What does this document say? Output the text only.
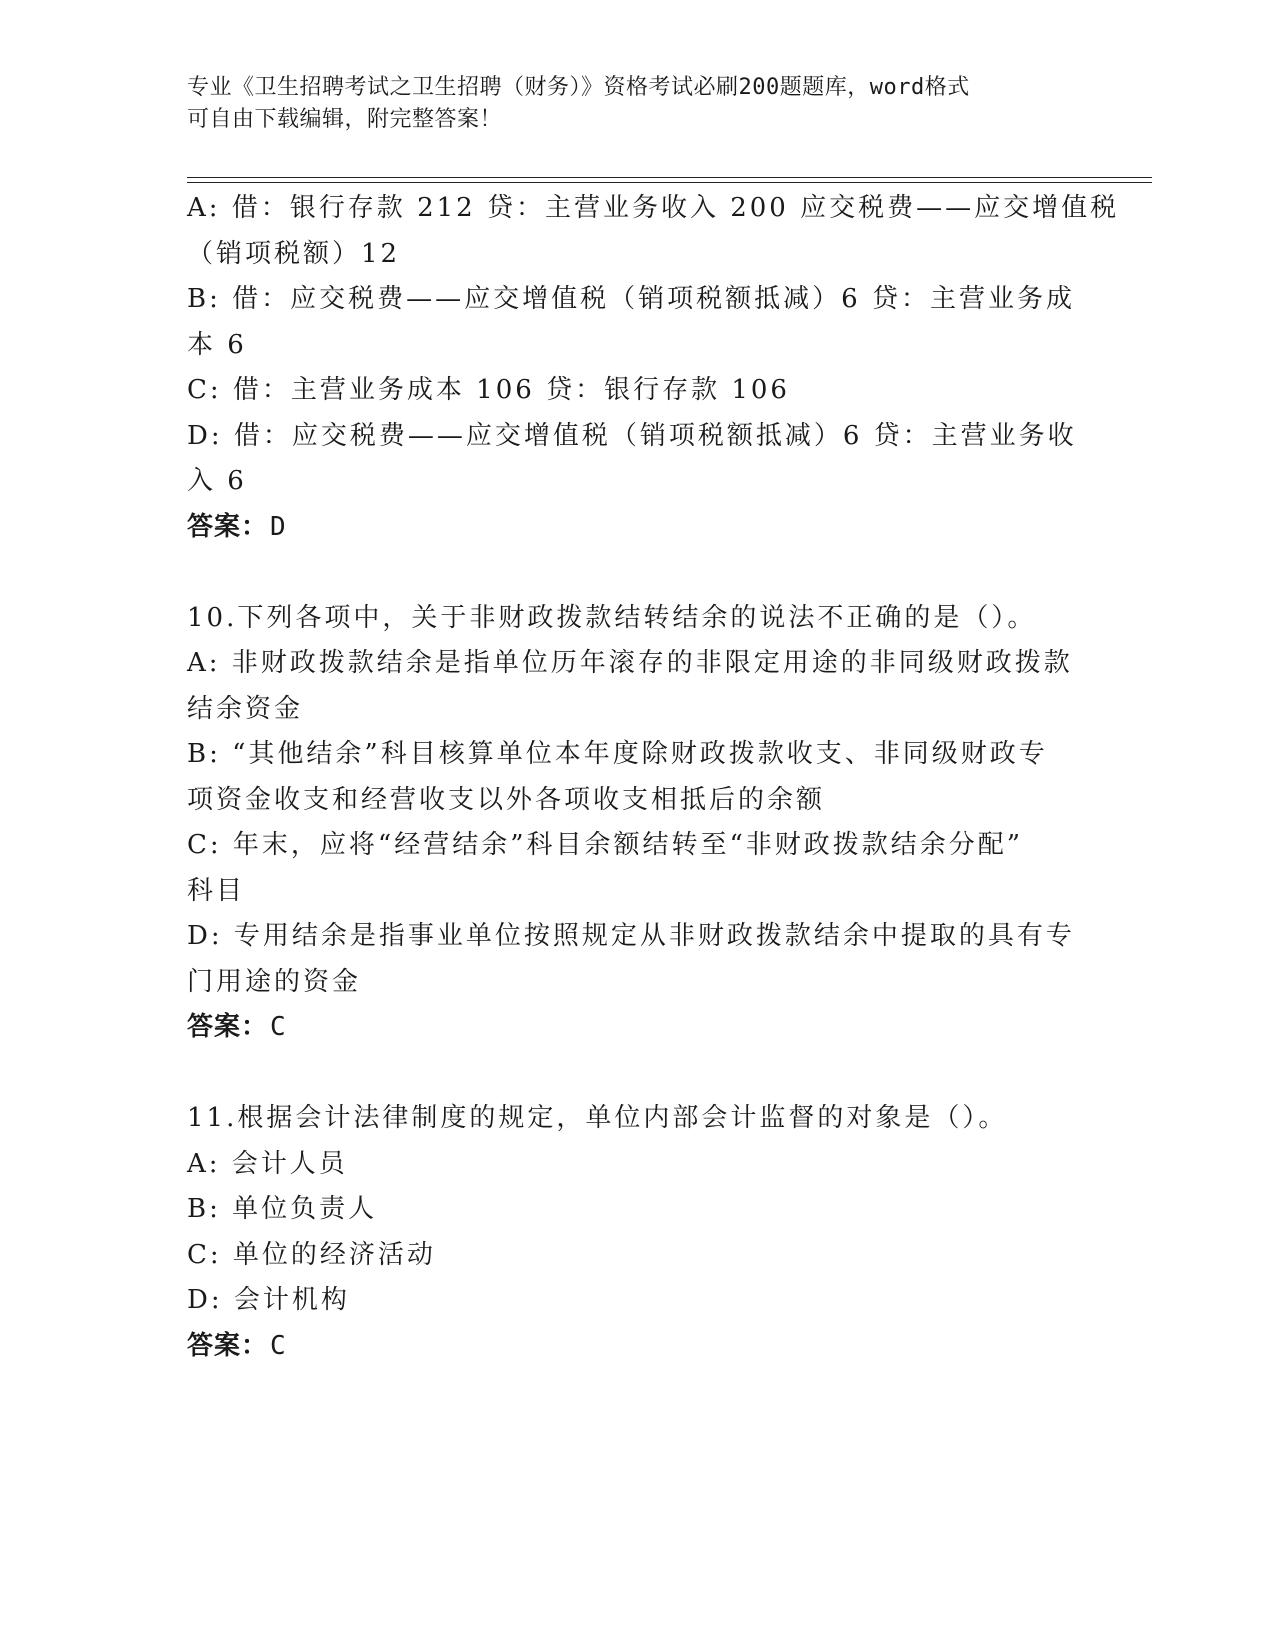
专业《卫生招聘考试之卫生招聘（财务）》资格考试必刷200题题库，word格式
可自由下载编辑，附完整答案！
A: 借：银行存款 212 贷：主营业务收入 200 应交税费——应交增值税
（销项税额）12
B: 借：应交税费——应交增值税（销项税额抵减）6 贷：主营业务成
本 6
C: 借：主营业务成本 106 贷：银行存款 106
D: 借：应交税费——应交增值税（销项税额抵减）6 贷：主营业务收
入 6
答案：D
10.下列各项中，关于非财政拨款结转结余的说法不正确的是（）。
A: 非财政拨款结余是指单位历年滚存的非限定用途的非同级财政拨款
结余资金
B: “其他结余”科目核算单位本年度除财政拨款收支、非同级财政专
项资金收支和经营收支以外各项收支相抵后的余额
C: 年末，应将“经营结余”科目余额结转至“非财政拨款结余分配”
科目
D: 专用结余是指事业单位按照规定从非财政拨款结余中提取的具有专
门用途的资金
答案：C
11.根据会计法律制度的规定，单位内部会计监督的对象是（）。
A: 会计人员
B: 单位负责人
C: 单位的经济活动
D: 会计机构
答案：C
